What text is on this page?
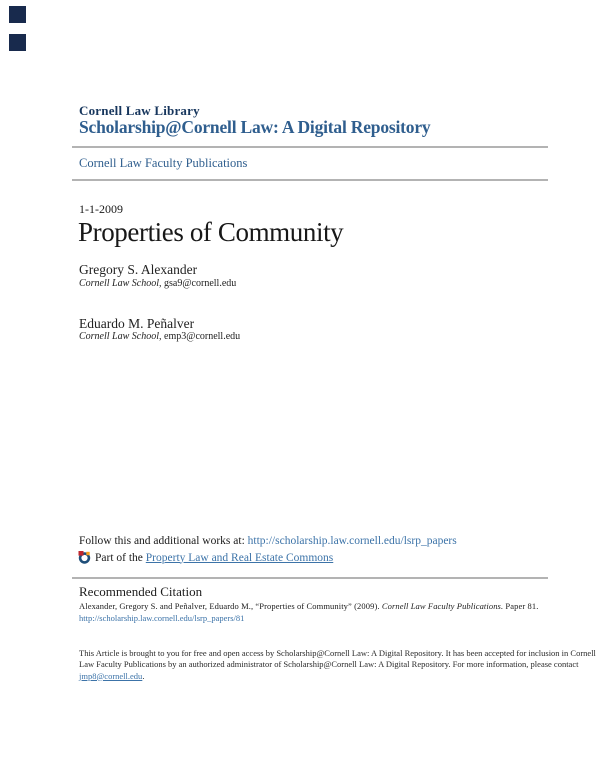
Cornell Law Library
Scholarship@Cornell Law: A Digital Repository
Cornell Law Faculty Publications
1-1-2009
Properties of Community
Gregory S. Alexander
Cornell Law School, gsa9@cornell.edu
Eduardo M. Peñalver
Cornell Law School, emp3@cornell.edu
Follow this and additional works at: http://scholarship.law.cornell.edu/lsrp_papers
Part of the Property Law and Real Estate Commons
Recommended Citation
Alexander, Gregory S. and Peñalver, Eduardo M., “Properties of Community” (2009). Cornell Law Faculty Publications. Paper 81.
http://scholarship.law.cornell.edu/lsrp_papers/81
This Article is brought to you for free and open access by Scholarship@Cornell Law: A Digital Repository. It has been accepted for inclusion in Cornell
Law Faculty Publications by an authorized administrator of Scholarship@Cornell Law: A Digital Repository. For more information, please contact
jmp8@cornell.edu.
